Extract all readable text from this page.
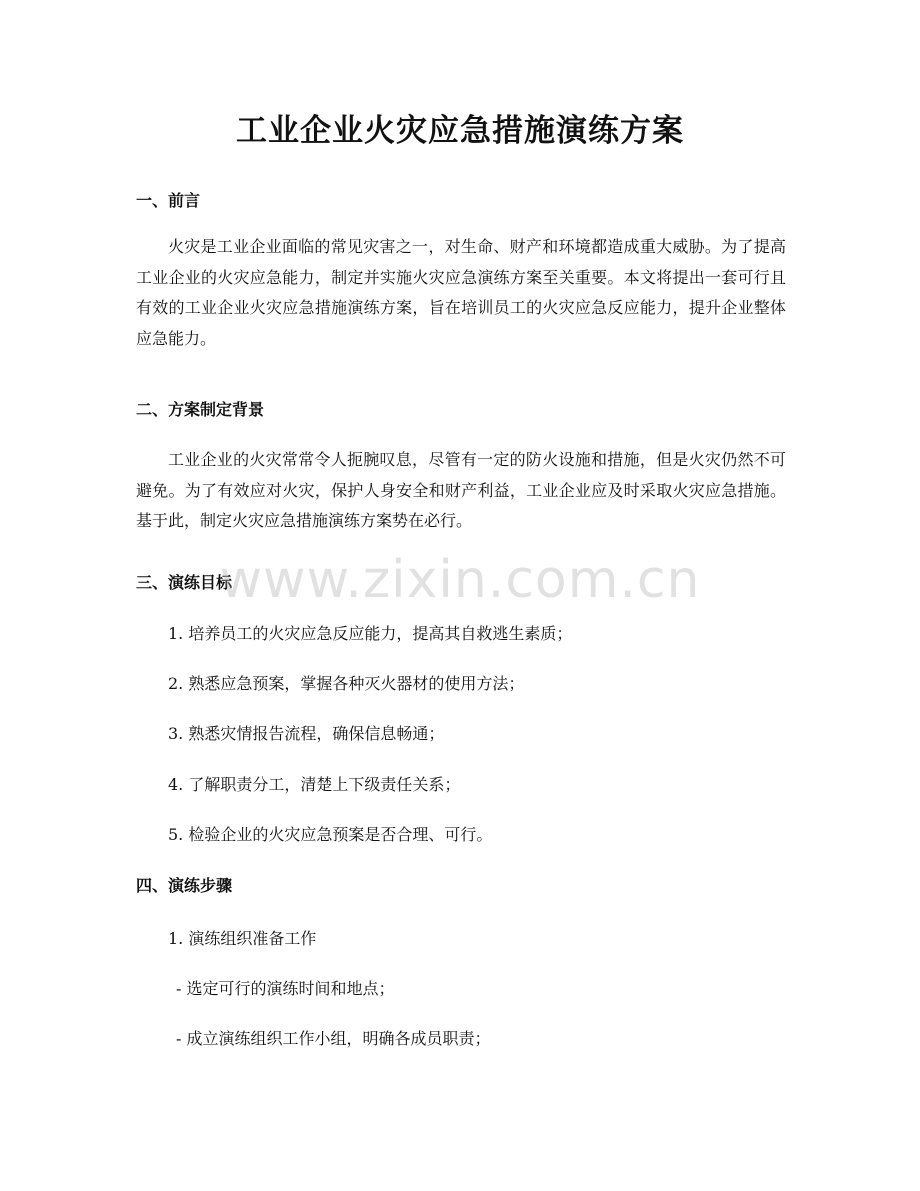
工业企业火灾应急措施演练方案
一、前言

火灾是工业企业面临的常见灾害之一，对生命、财产和环境都造成重大威胁。为了提高工业企业的火灾应急能力，制定并实施火灾应急演练方案至关重要。本文将提出一套可行且有效的工业企业火灾应急措施演练方案，旨在培训员工的火灾应急反应能力，提升企业整体应急能力。

二、方案制定背景

工业企业的火灾常常令人扼腕叹息，尽管有一定的防火设施和措施，但是火灾仍然不可避免。为了有效应对火灾，保护人身安全和财产利益，工业企业应及时采取火灾应急措施。基于此，制定火灾应急措施演练方案势在必行。

三、演练目标

1. 培养员工的火灾应急反应能力，提高其自救逃生素质；

2. 熟悉应急预案，掌握各种灭火器材的使用方法；

3. 熟悉灾情报告流程，确保信息畅通；

4. 了解职责分工，清楚上下级责任关系；

5. 检验企业的火灾应急预案是否合理、可行。

四、演练步骤

1. 演练组织准备工作

- 选定可行的演练时间和地点；

- 成立演练组织工作小组，明确各成员职责；

www.zixin.com.cn
